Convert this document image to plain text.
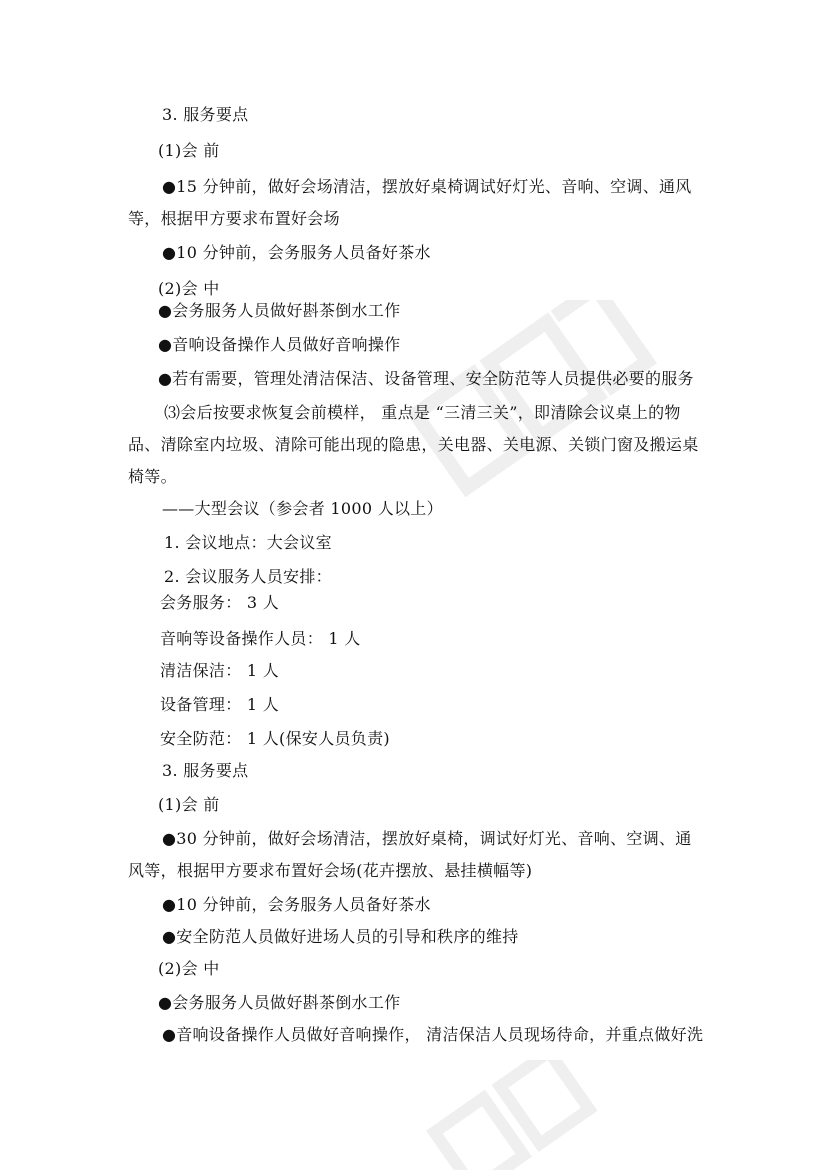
3. 服务要点
(1)会 前
●15 分钟前，做好会场清洁，摆放好桌椅调试好灯光、音响、空调、通风
等，根据甲方要求布置好会场
●10 分钟前，会务服务人员备好茶水
(2)会 中
●会务服务人员做好斟茶倒水工作
●音响设备操作人员做好音响操作
●若有需要，管理处清洁保洁、设备管理、安全防范等人员提供必要的服务
⑶会后按要求恢复会前模样， 重点是 “三清三关”，即清除会议桌上的物
品、清除室内垃圾、清除可能出现的隐患，关电器、关电源、关锁门窗及搬运桌
椅等。
——大型会议（参会者 1000 人以上）
1. 会议地点：大会议室
2. 会议服务人员安排：
会务服务： 3 人
音响等设备操作人员： 1 人
清洁保洁： 1 人
设备管理： 1 人
安全防范： 1 人(保安人员负责)
3. 服务要点
(1)会 前
●30 分钟前，做好会场清洁，摆放好桌椅，调试好灯光、音响、空调、通
风等，根据甲方要求布置好会场(花卉摆放、悬挂横幅等)
●10 分钟前，会务服务人员备好茶水
●安全防范人员做好进场人员的引导和秩序的维持
(2)会 中
●会务服务人员做好斟茶倒水工作
●音响设备操作人员做好音响操作， 清洁保洁人员现场待命，并重点做好洗
